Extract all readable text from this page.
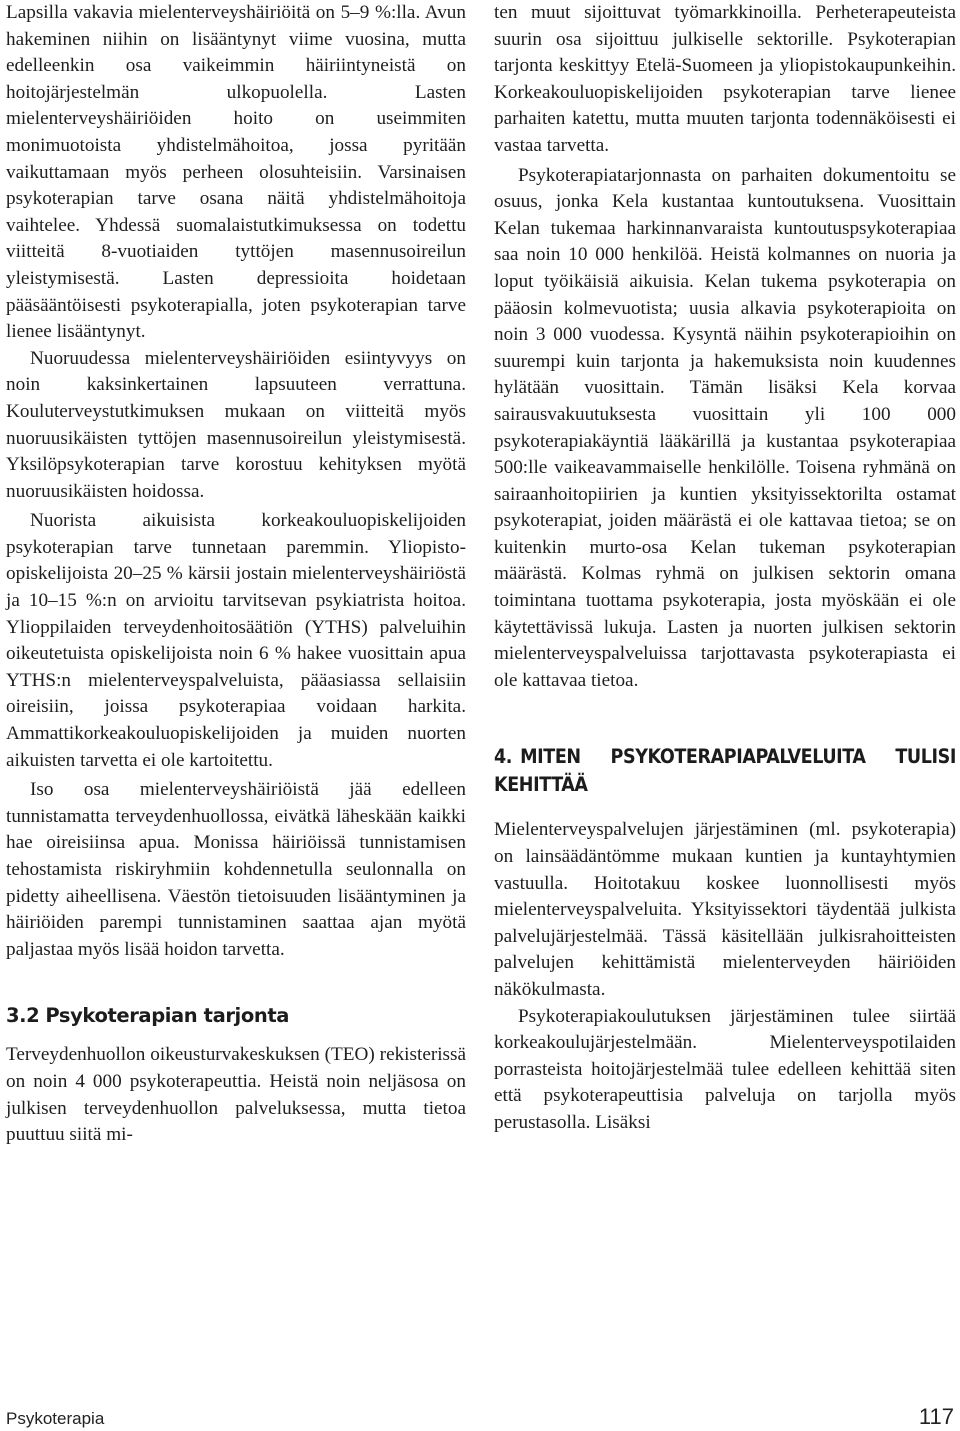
Lapsilla vakavia mielenterveyshäiriöitä on 5–9 %:lla. Avun hakeminen niihin on lisääntynyt viime vuosina, mutta edelleenkin osa vaikeimmin häiriintyneistä on hoitojärjestelmän ulkopuolella. Lasten mielenterveyshäiriöiden hoito on useimmiten monimuotoista yhdistelmähoitoa, jossa pyritään vaikuttamaan myös perheen olosuhteisiin. Varsinaisen psykoterapian tarve osana näitä yhdistelmähoitoja vaihtelee. Yhdessä suomalaistutkimuksessa on todettu viitteitä 8-vuotiaiden tyttöjen masennusoireilun yleistymisestä. Lasten depressioita hoidetaan pääsääntöisesti psykoterapialla, joten psykoterapian tarve lienee lisääntynyt.

Nuoruudessa mielenterveyshäiriöiden esiintyvyys on noin kaksinkertainen lapsuuteen verrattuna. Kouluterveystutkimuksen mukaan on viitteitä myös nuoruusikäisten tyttöjen masennusoireilun yleistymisestä. Yksilöpsykoterapian tarve korostuu kehityksen myötä nuoruusikäisten hoidossa.

Nuorista aikuisista korkeakouluopiskelijoiden psykoterapian tarve tunnetaan paremmin. Yliopisto-opiskelijoista 20–25 % kärsii jostain mielenterveyshäiriöstä ja 10–15 %:n on arvioitu tarvitsevan psykiatrista hoitoa. Ylioppilaiden terveydenhoitosäätiön (YTHS) palveluihin oikeutetuista opiskelijoista noin 6 % hakee vuosittain apua YTHS:n mielenterveyspalveluista, pääasiassa sellaisiin oireisiin, joissa psykoterapiaa voidaan harkita. Ammattikorkeakouluopiskelijoiden ja muiden nuorten aikuisten tarvetta ei ole kartoitettu.

Iso osa mielenterveyshäiriöistä jää edelleen tunnistamatta terveydenhuollossa, eivätkä läheskään kaikki hae oireisiinsa apua. Monissa häiriöissä tunnistamisen tehostamista riskiryhmiin kohdennetulla seulonnalla on pidetty aiheellisena. Väestön tietoisuuden lisääntyminen ja häiriöiden parempi tunnistaminen saattaa ajan myötä paljastaa myös lisää hoidon tarvetta.

3.2 Psykoterapian tarjonta

Terveydenhuollon oikeusturvakeskuksen (TEO) rekisterissä on noin 4 000 psykoterapeuttia. Heistä noin neljäsosa on julkisen terveydenhuollon palveluksessa, mutta tietoa puuttuu siitä mi-

ten muut sijoittuvat työmarkkinoilla. Perheterapeuteista suurin osa sijoittuu julkiselle sektorille. Psykoterapian tarjonta keskittyy Etelä-Suomeen ja yliopistokaupunkeihin. Korkeakouluopiskelijoiden psykoterapian tarve lienee parhaiten katettu, mutta muuten tarjonta todennäköisesti ei vastaa tarvetta.

Psykoterapiatarjonnasta on parhaiten dokumentoitu se osuus, jonka Kela kustantaa kuntoutuksena. Vuosittain Kelan tukemaa harkinnanvaraista kuntoutuspsykoterapiaa saa noin 10 000 henkilöä. Heistä kolmannes on nuoria ja loput työikäisiä aikuisia. Kelan tukema psykoterapia on pääosin kolmevuotista; uusia alkavia psykoterapioita on noin 3 000 vuodessa. Kysyntä näihin psykoterapioihin on suurempi kuin tarjonta ja hakemuksista noin kuudennes hylätään vuosittain. Tämän lisäksi Kela korvaa sairausvakuutuksesta vuosittain yli 100 000 psykoterapiakäyntiä lääkärillä ja kustantaa psykoterapiaa 500:lle vaikeavammaiselle henkilölle. Toisena ryhmänä on sairaanhoitopiirien ja kuntien yksityissektorilta ostamat psykoterapiat, joiden määrästä ei ole kattavaa tietoa; se on kuitenkin murto-osa Kelan tukeman psykoterapian määrästä. Kolmas ryhmä on julkisen sektorin omana toimintana tuottama psykoterapia, josta myöskään ei ole käytettävissä lukuja. Lasten ja nuorten julkisen sektorin mielenterveyspalveluissa tarjottavasta psykoterapiasta ei ole kattavaa tietoa.

4. MITEN PSYKOTERAPIAPALVELUITA TULISI KEHITTÄÄ

Mielenterveyspalvelujen järjestäminen (ml. psykoterapia) on lainsäädäntömme mukaan kuntien ja kuntayhtymien vastuulla. Hoitotakuu koskee luonnollisesti myös mielenterveyspalveluita. Yksityissektori täydentää julkista palvelujärjestelmää. Tässä käsitellään julkisrahoitteisten palvelujen kehittämistä mielenterveyden häiriöiden näkökulmasta.

Psykoterapiakoulutuksen järjestäminen tulee siirtää korkeakoulujärjestelmään. Mielenterveyspotilaiden porrasteista hoitojärjestelmää tulee edelleen kehittää siten että psykoterapeuttisia palveluja on tarjolla myös perustasolla. Lisäksi

Psykoterapia	117
